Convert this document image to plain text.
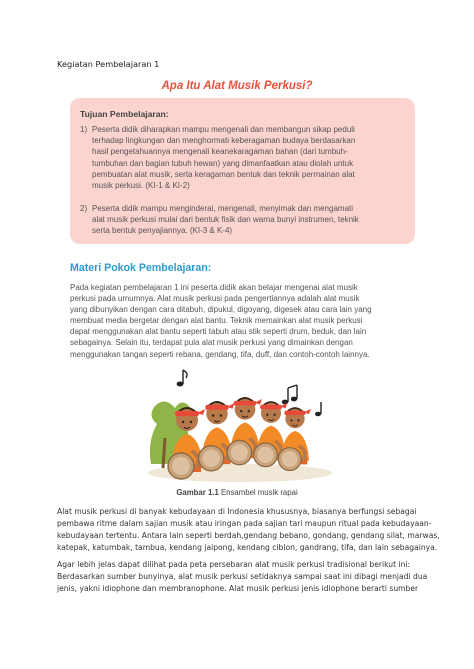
Kegiatan Pembelajaran 1
Apa Itu Alat Musik Perkusi?
Tujuan Pembelajaran:
1) Peserta didik diharapkan mampu mengenali dan membangun sikap peduli
terhadap lingkungan dan menghormati keberagaman budaya berdasarkan
hasil pengetahuannya mengenali keanekaragaman bahan (dari tumbuh-
tumbuhan dan bagian tubuh hewan) yang dimanfaatkan atau diolah untuk
pembuatan alat musik, serta keragaman bentuk dan teknik permainan alat
musik perkusi. (KI-1 & KI-2)
2) Peserta didik mampu menginderai, mengenali, menyimak dan mengamati
alat musik perkusi mulai dari bentuk fisik dan warna bunyi instrumen, teknik
serta bentuk penyajiannya. (KI-3 & K-4)
Materi Pokok Pembelajaran:
Pada kegiatan pembelajaran 1 ini peserta didik akan belajar mengenai alat musik
perkusi pada umumnya. Alat musik perkusi pada pengertiannya adalah alat musik
yang dibunyikan dengan cara ditabuh, dipukul, digoyang, digesek atau cara lain yang
membuat media bergetar dengan alat bantu. Teknik memainkan alat musik perkusi
dapat menggunakan alat bantu seperti tabuh atau stik seperti drum, beduk, dan lain
sebagainya. Selain itu, terdapat pula alat musik perkusi yang dimainkan dengan
menggunakan tangan seperti rebana, gendang, tifa, duff, dan contoh-contoh lainnya.
Gambar 1.1 Ensambel musik rapai
Alat musik perkusi di banyak kebudayaan di Indonesia khususnya, biasanya berfungsi sebagai
pembawa ritme dalam sajian musik atau iringan pada sajian tari maupun ritual pada kebudayaan-
kebudayaan tertentu. Antara lain seperti berdah,gendang bebano, gondang, gendang silat, marwas,
katepak, katumbak, tambua, kendang jaipong, kendang ciblon, gandrang, tifa, dan lain sebagainya.
Agar lebih jelas dapat dilihat pada peta persebaran alat musik perkusi tradisional berikut ini:
Berdasarkan sumber bunyinya, alat musik perkusi setidaknya sampai saat ini dibagi menjadi dua
jenis, yakni idiophone dan membranophone. Alat musik perkusi jenis idiophone berarti sumber
